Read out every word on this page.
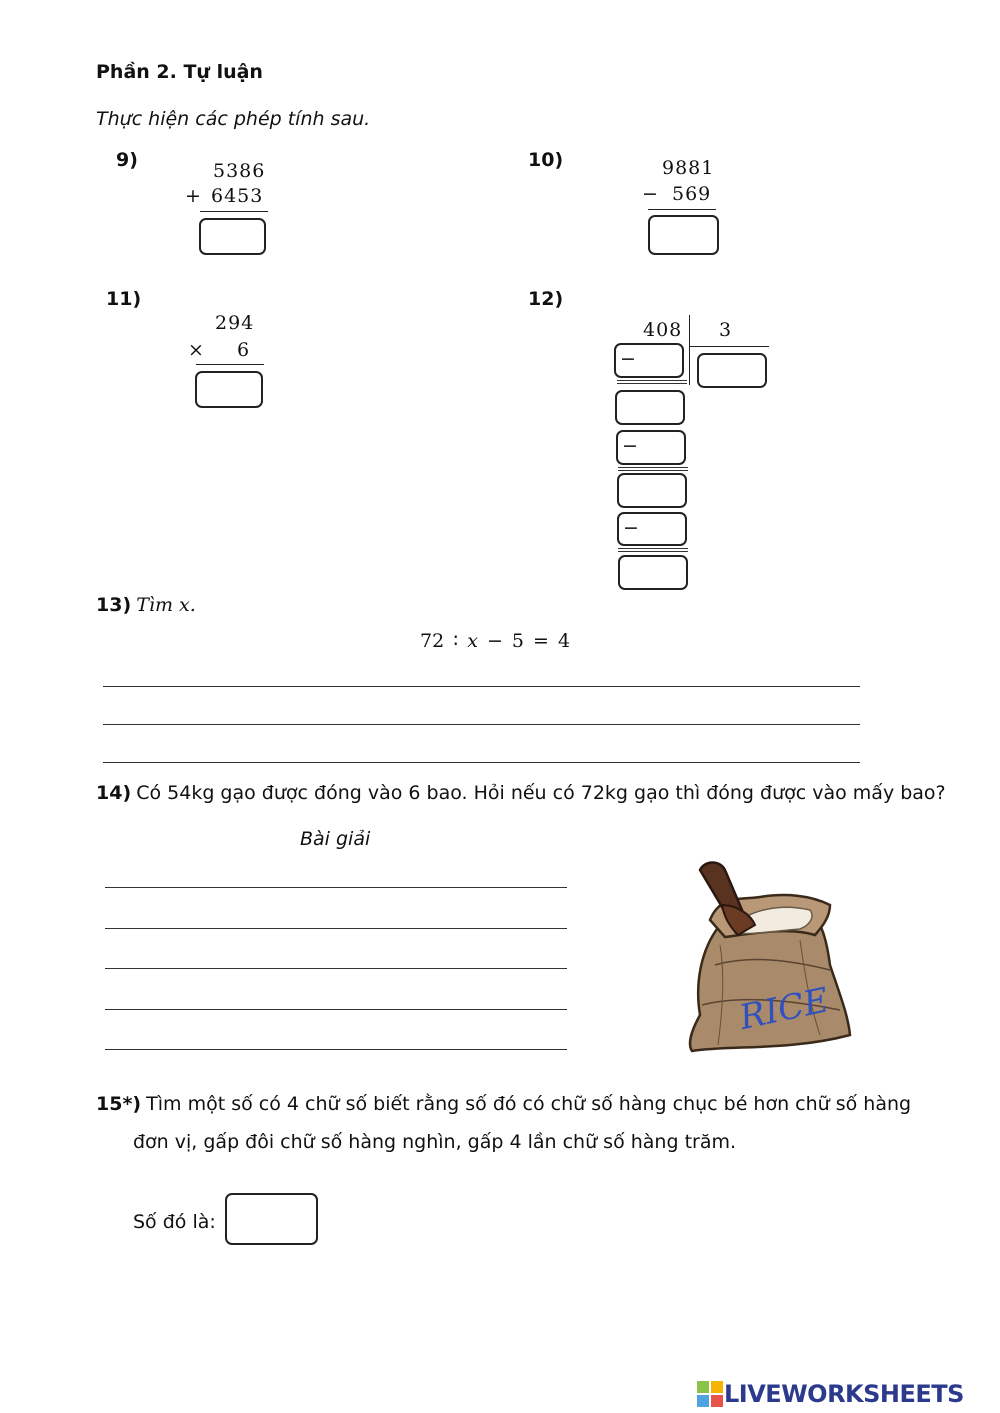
Phần 2. Tự luận
Thực hiện các phép tính sau.
9)	5386
+ 6453
10)	9881
− 569
11)
294
× 6
12)
408 3
−
−
−
13) Tìm 𝑥.
72 ∶ 𝑥 − 5 = 4
14) Có 54kg gạo được đóng vào 6 bao. Hỏi nếu có 72kg gạo thì đóng được vào mấy bao?
Bài giải
RICE
15*) Tìm một số có 4 chữ số biết rằng số đó có chữ số hàng chục bé hơn chữ số hàng
đơn vị, gấp đôi chữ số hàng nghìn, gấp 4 lần chữ số hàng trăm.
Số đó là:
LIVEWORKSHEETS
